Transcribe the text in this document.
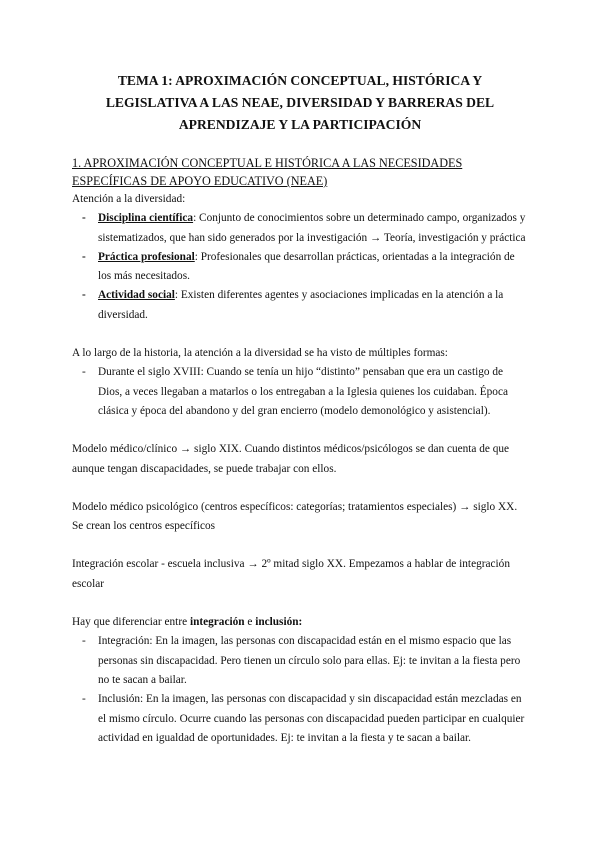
TEMA 1: APROXIMACIÓN CONCEPTUAL, HISTÓRICA Y
LEGISLATIVA A LAS NEAE, DIVERSIDAD Y BARRERAS DEL
APRENDIZAJE Y LA PARTICIPACIÓN
1. APROXIMACIÓN CONCEPTUAL E HISTÓRICA A LAS NECESIDADES
ESPECÍFICAS DE APOYO EDUCATIVO (NEAE)

Atención a la diversidad:

- Disciplina científica: Conjunto de conocimientos sobre un determinado campo, organizados y sistematizados, que han sido generados por la investigación → Teoría, investigación y práctica
- Práctica profesional: Profesionales que desarrollan prácticas, orientadas a la integración de los más necesitados.
- Actividad social: Existen diferentes agentes y asociaciones implicadas en la atención a la diversidad.

A lo largo de la historia, la atención a la diversidad se ha visto de múltiples formas:

- Durante el siglo XVIII: Cuando se tenía un hijo “distinto” pensaban que era un castigo de Dios, a veces llegaban a matarlos o los entregaban a la Iglesia quienes los cuidaban. Época clásica y época del abandono y del gran encierro (modelo demonológico y asistencial).

Modelo médico/clínico → siglo XIX. Cuando distintos médicos/psicólogos se dan cuenta de que aunque tengan discapacidades, se puede trabajar con ellos.

Modelo médico psicológico (centros específicos: categorías; tratamientos especiales) → siglo XX. Se crean los centros específicos

Integración escolar - escuela inclusiva → 2º mitad siglo XX. Empezamos a hablar de integración escolar

Hay que diferenciar entre integración e inclusión:

- Integración: En la imagen, las personas con discapacidad están en el mismo espacio que las personas sin discapacidad. Pero tienen un círculo solo para ellas. Ej: te invitan a la fiesta pero no te sacan a bailar.
- Inclusión: En la imagen, las personas con discapacidad y sin discapacidad están mezcladas en el mismo círculo. Ocurre cuando las personas con discapacidad pueden participar en cualquier actividad en igualdad de oportunidades. Ej: te invitan a la fiesta y te sacan a bailar.
